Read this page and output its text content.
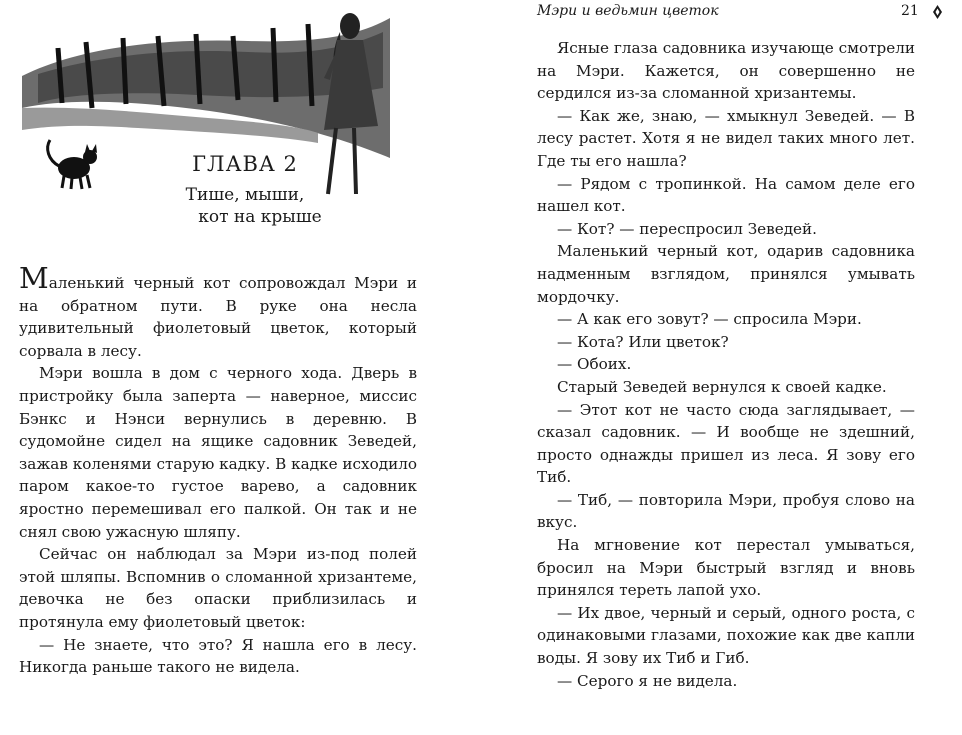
ГЛАВА 2
Тише, мыши,
кот на крыше

Маленький черный кот сопровождал Мэри и на обратном пути. В руке она несла удивительный фиолетовый цветок, который сорвала в лесу.

Мэри вошла в дом с черного хода. Дверь в пристройку была заперта — наверное, миссис Бэнкс и Нэнси вернулись в деревню. В судомойне сидел на ящике садовник Зеведей, зажав коленями старую кадку. В кадке исходило паром какое-то густое варево, а садовник яростно перемешивал его палкой. Он так и не снял свою ужасную шляпу.

Сейчас он наблюдал за Мэри из-под полей этой шляпы. Вспомнив о сломанной хризантеме, девочка не без опаски приблизилась и протянула ему фиолетовый цветок:

— Не знаете, что это? Я нашла его в лесу. Никогда раньше такого не видела.

Мэри и ведьмин цветок	21

Ясные глаза садовника изучающе смотрели на Мэри. Кажется, он совершенно не сердился из-за сломанной хризантемы.

— Как же, знаю, — хмыкнул Зеведей. — В лесу растет. Хотя я не видел таких много лет. Где ты его нашла?

— Рядом с тропинкой. На самом деле его нашел кот.

— Кот? — переспросил Зеведей.

Маленький черный кот, одарив садовника надменным взглядом, принялся умывать мордочку.

— А как его зовут? — спросила Мэри.

— Кота? Или цветок?

— Обоих.

Старый Зеведей вернулся к своей кадке.

— Этот кот не часто сюда заглядывает, — сказал садовник. — И вообще не здешний, просто однажды пришел из леса. Я зову его Тиб.

— Тиб, — повторила Мэри, пробуя слово на вкус.

На мгновение кот перестал умываться, бросил на Мэри быстрый взгляд и вновь принялся тереть лапой ухо.

— Их двое, черный и серый, одного роста, с одинаковыми глазами, похожие как две капли воды. Я зову их Тиб и Гиб.

— Серого я не видела.
